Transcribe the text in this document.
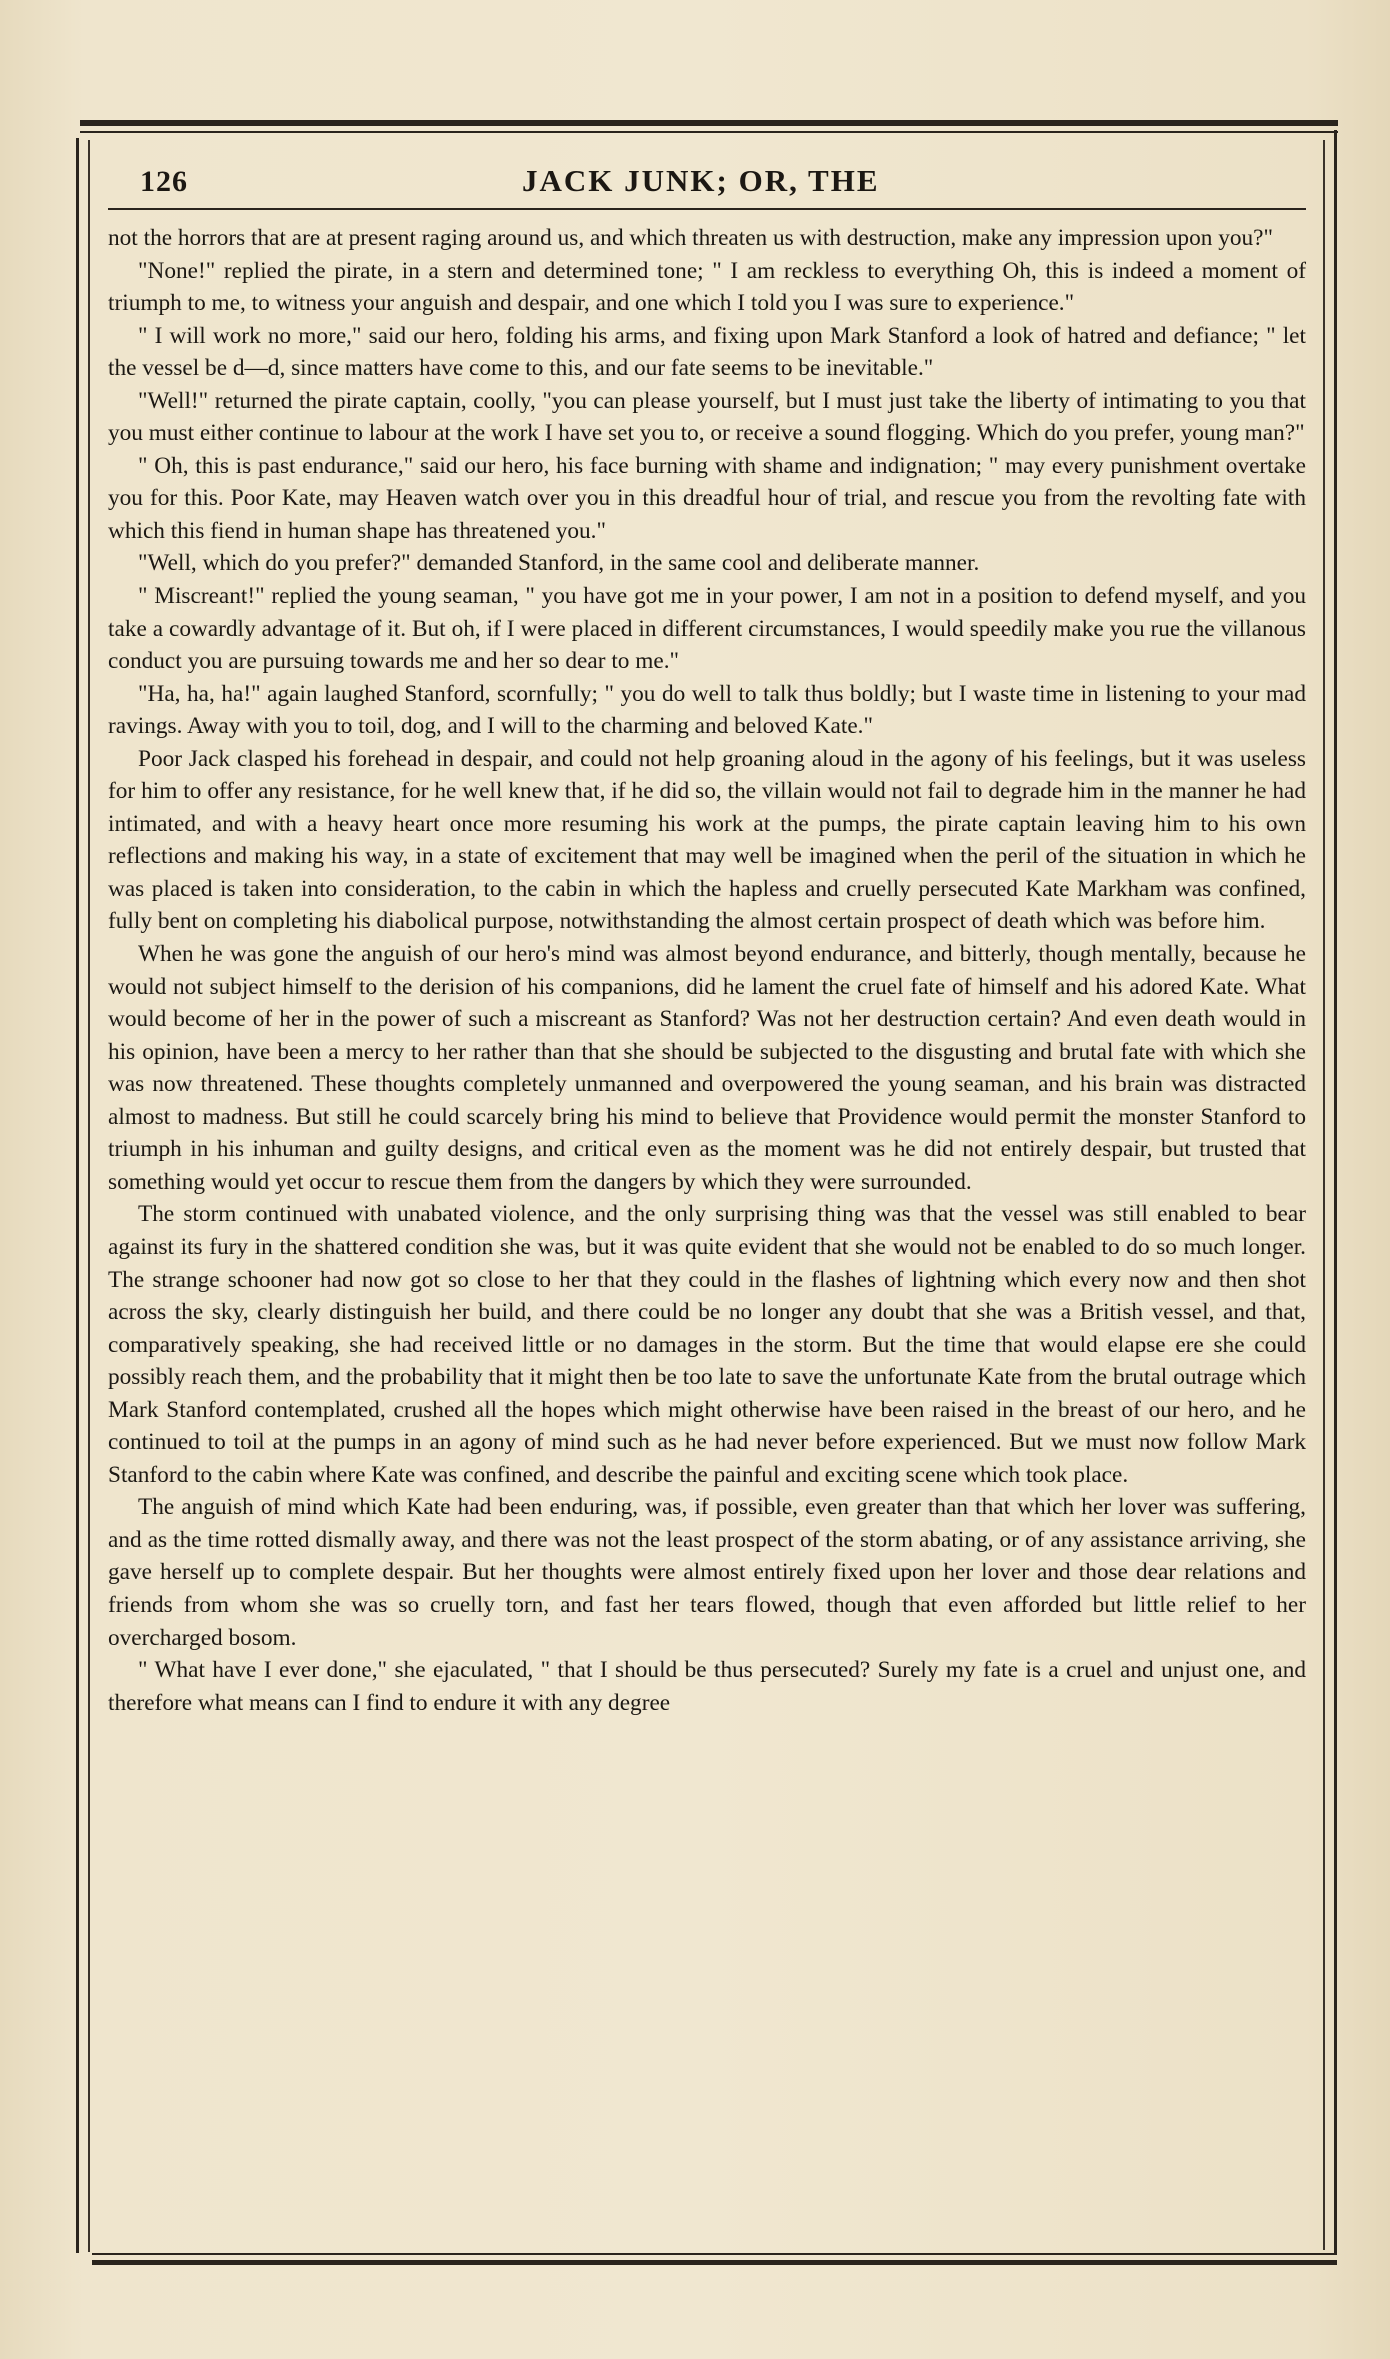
126	JACK JUNK; OR, THE

not the horrors that are at present raging around us, and which threaten us with destruction, make any impression upon you?"

"None!" replied the pirate, in a stern and determined tone; " I am reckless to everything Oh, this is indeed a moment of triumph to me, to witness your anguish and despair, and one which I told you I was sure to experience."

" I will work no more," said our hero, folding his arms, and fixing upon Mark Stanford a look of hatred and defiance; " let the vessel be d—d, since matters have come to this, and our fate seems to be inevitable."

"Well!" returned the pirate captain, coolly, "you can please yourself, but I must just take the liberty of intimating to you that you must either continue to labour at the work I have set you to, or receive a sound flogging. Which do you prefer, young man?"

" Oh, this is past endurance," said our hero, his face burning with shame and indignation; " may every punishment overtake you for this. Poor Kate, may Heaven watch over you in this dreadful hour of trial, and rescue you from the revolting fate with which this fiend in human shape has threatened you."

"Well, which do you prefer?" demanded Stanford, in the same cool and deliberate manner.

" Miscreant!" replied the young seaman, " you have got me in your power, I am not in a position to defend myself, and you take a cowardly advantage of it. But oh, if I were placed in different circumstances, I would speedily make you rue the villanous conduct you are pursuing towards me and her so dear to me."

"Ha, ha, ha!" again laughed Stanford, scornfully; " you do well to talk thus boldly; but I waste time in listening to your mad ravings. Away with you to toil, dog, and I will to the charming and beloved Kate."

Poor Jack clasped his forehead in despair, and could not help groaning aloud in the agony of his feelings, but it was useless for him to offer any resistance, for he well knew that, if he did so, the villain would not fail to degrade him in the manner he had intimated, and with a heavy heart once more resuming his work at the pumps, the pirate captain leaving him to his own reflections and making his way, in a state of excitement that may well be imagined when the peril of the situation in which he was placed is taken into consideration, to the cabin in which the hapless and cruelly persecuted Kate Markham was confined, fully bent on completing his diabolical purpose, notwithstanding the almost certain prospect of death which was before him.

When he was gone the anguish of our hero's mind was almost beyond endurance, and bitterly, though mentally, because he would not subject himself to the derision of his companions, did he lament the cruel fate of himself and his adored Kate. What would become of her in the power of such a miscreant as Stanford? Was not her destruction certain? And even death would in his opinion, have been a mercy to her rather than that she should be subjected to the disgusting and brutal fate with which she was now threatened. These thoughts completely unmanned and overpowered the young seaman, and his brain was distracted almost to madness. But still he could scarcely bring his mind to believe that Providence would permit the monster Stanford to triumph in his inhuman and guilty designs, and critical even as the moment was he did not entirely despair, but trusted that something would yet occur to rescue them from the dangers by which they were surrounded.

The storm continued with unabated violence, and the only surprising thing was that the vessel was still enabled to bear against its fury in the shattered condition she was, but it was quite evident that she would not be enabled to do so much longer. The strange schooner had now got so close to her that they could in the flashes of lightning which every now and then shot across the sky, clearly distinguish her build, and there could be no longer any doubt that she was a British vessel, and that, comparatively speaking, she had received little or no damages in the storm. But the time that would elapse ere she could possibly reach them, and the probability that it might then be too late to save the unfortunate Kate from the brutal outrage which Mark Stanford contemplated, crushed all the hopes which might otherwise have been raised in the breast of our hero, and he continued to toil at the pumps in an agony of mind such as he had never before experienced. But we must now follow Mark Stanford to the cabin where Kate was confined, and describe the painful and exciting scene which took place.

The anguish of mind which Kate had been enduring, was, if possible, even greater than that which her lover was suffering, and as the time rotted dismally away, and there was not the least prospect of the storm abating, or of any assistance arriving, she gave herself up to complete despair. But her thoughts were almost entirely fixed upon her lover and those dear relations and friends from whom she was so cruelly torn, and fast her tears flowed, though that even afforded but little relief to her overcharged bosom.

" What have I ever done," she ejaculated, " that I should be thus persecuted? Surely my fate is a cruel and unjust one, and therefore what means can I find to endure it with any degree
